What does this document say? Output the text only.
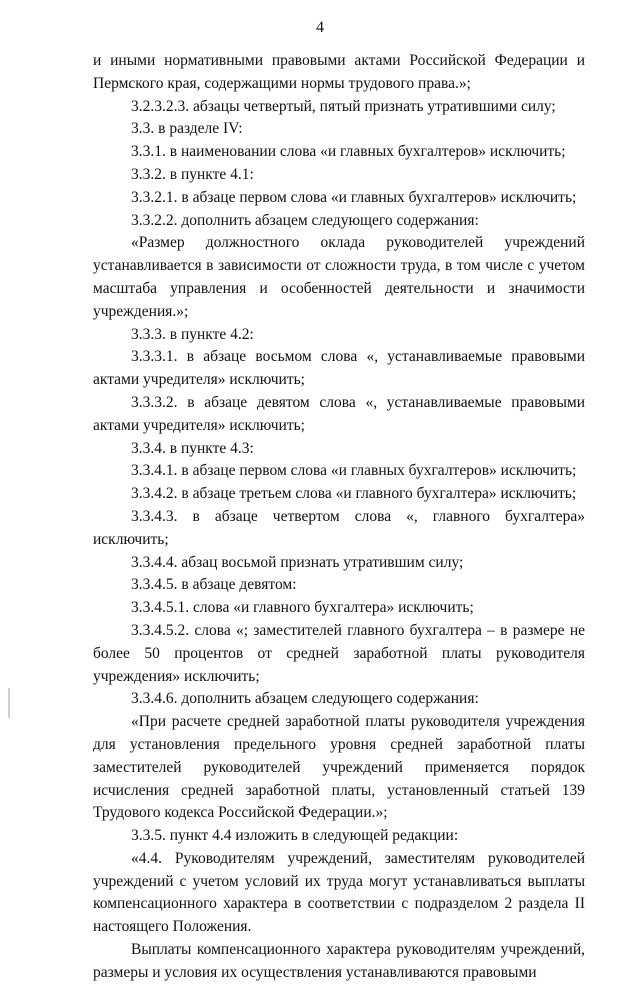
4

и иными нормативными правовыми актами Российской Федерации и Пермского края, содержащими нормы трудового права.»;

3.2.3.2.3. абзацы четвертый, пятый признать утратившими силу;

3.3. в разделе IV:

3.3.1. в наименовании слова «и главных бухгалтеров» исключить;

3.3.2. в пункте 4.1:

3.3.2.1. в абзаце первом слова «и главных бухгалтеров» исключить;

3.3.2.2. дополнить абзацем следующего содержания:

«Размер должностного оклада руководителей учреждений устанавливается в зависимости от сложности труда, в том числе с учетом масштаба управления и особенностей деятельности и значимости учреждения.»;

3.3.3. в пункте 4.2:

3.3.3.1. в абзаце восьмом слова «, устанавливаемые правовыми актами учредителя» исключить;

3.3.3.2. в абзаце девятом слова «, устанавливаемые правовыми актами учредителя» исключить;

3.3.4. в пункте 4.3:

3.3.4.1. в абзаце первом слова «и главных бухгалтеров» исключить;

3.3.4.2. в абзаце третьем слова «и главного бухгалтера» исключить;

3.3.4.3. в абзаце четвертом слова «, главного бухгалтера» исключить;

3.3.4.4. абзац восьмой признать утратившим силу;

3.3.4.5. в абзаце девятом:

3.3.4.5.1. слова «и главного бухгалтера» исключить;

3.3.4.5.2. слова «; заместителей главного бухгалтера – в размере не более 50 процентов от средней заработной платы руководителя учреждения» исключить;

3.3.4.6. дополнить абзацем следующего содержания:

«При расчете средней заработной платы руководителя учреждения для установления предельного уровня средней заработной платы заместителей руководителей учреждений применяется порядок исчисления средней заработной платы, установленный статьей 139 Трудового кодекса Российской Федерации.»;

3.3.5. пункт 4.4 изложить в следующей редакции:

«4.4. Руководителям учреждений, заместителям руководителей учреждений с учетом условий их труда могут устанавливаться выплаты компенсационного характера в соответствии с подразделом 2 раздела II настоящего Положения.

Выплаты компенсационного характера руководителям учреждений, размеры и условия их осуществления устанавливаются правовыми
